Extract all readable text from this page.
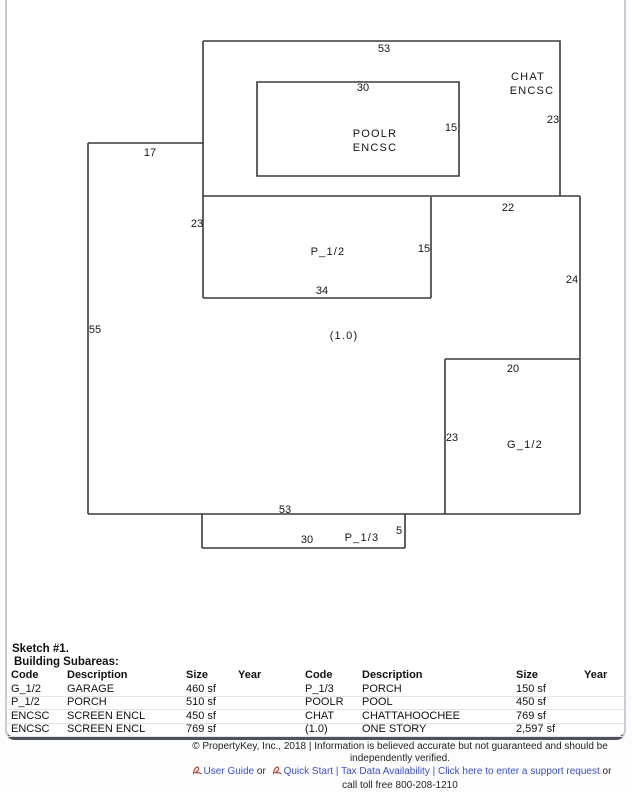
53
30
CHAT
ENCSC
15
23
POOLR
ENCSC
17
23
P_1/2	15
22
34
24
55	(1.0)
20
23
G_1/2
53
30	P_1/3
5
Sketch #1.
Building Subareas:
Code	Description	Size	Year	Code	Description	Size	Year
G_1/2 GARAGE	460 sf	P_1/3	PORCH	150 sf
P_1/2 PORCH	510 sf	POOLR POOL	450 sf
ENCSC SCREEN ENCL	450 sf	CHAT	CHATTAHOOCHEE	769 sf
ENCSC SCREEN ENCL	769 sf	(1.0)	ONE STORY	2,597 sf
© PropertyKey, Inc., 2018 | Information is believed accurate but not guaranteed and should be independently verified.
User Guide or Quick Start | Tax Data Availability | Click here to enter a support request or call toll free 800-208-1210
